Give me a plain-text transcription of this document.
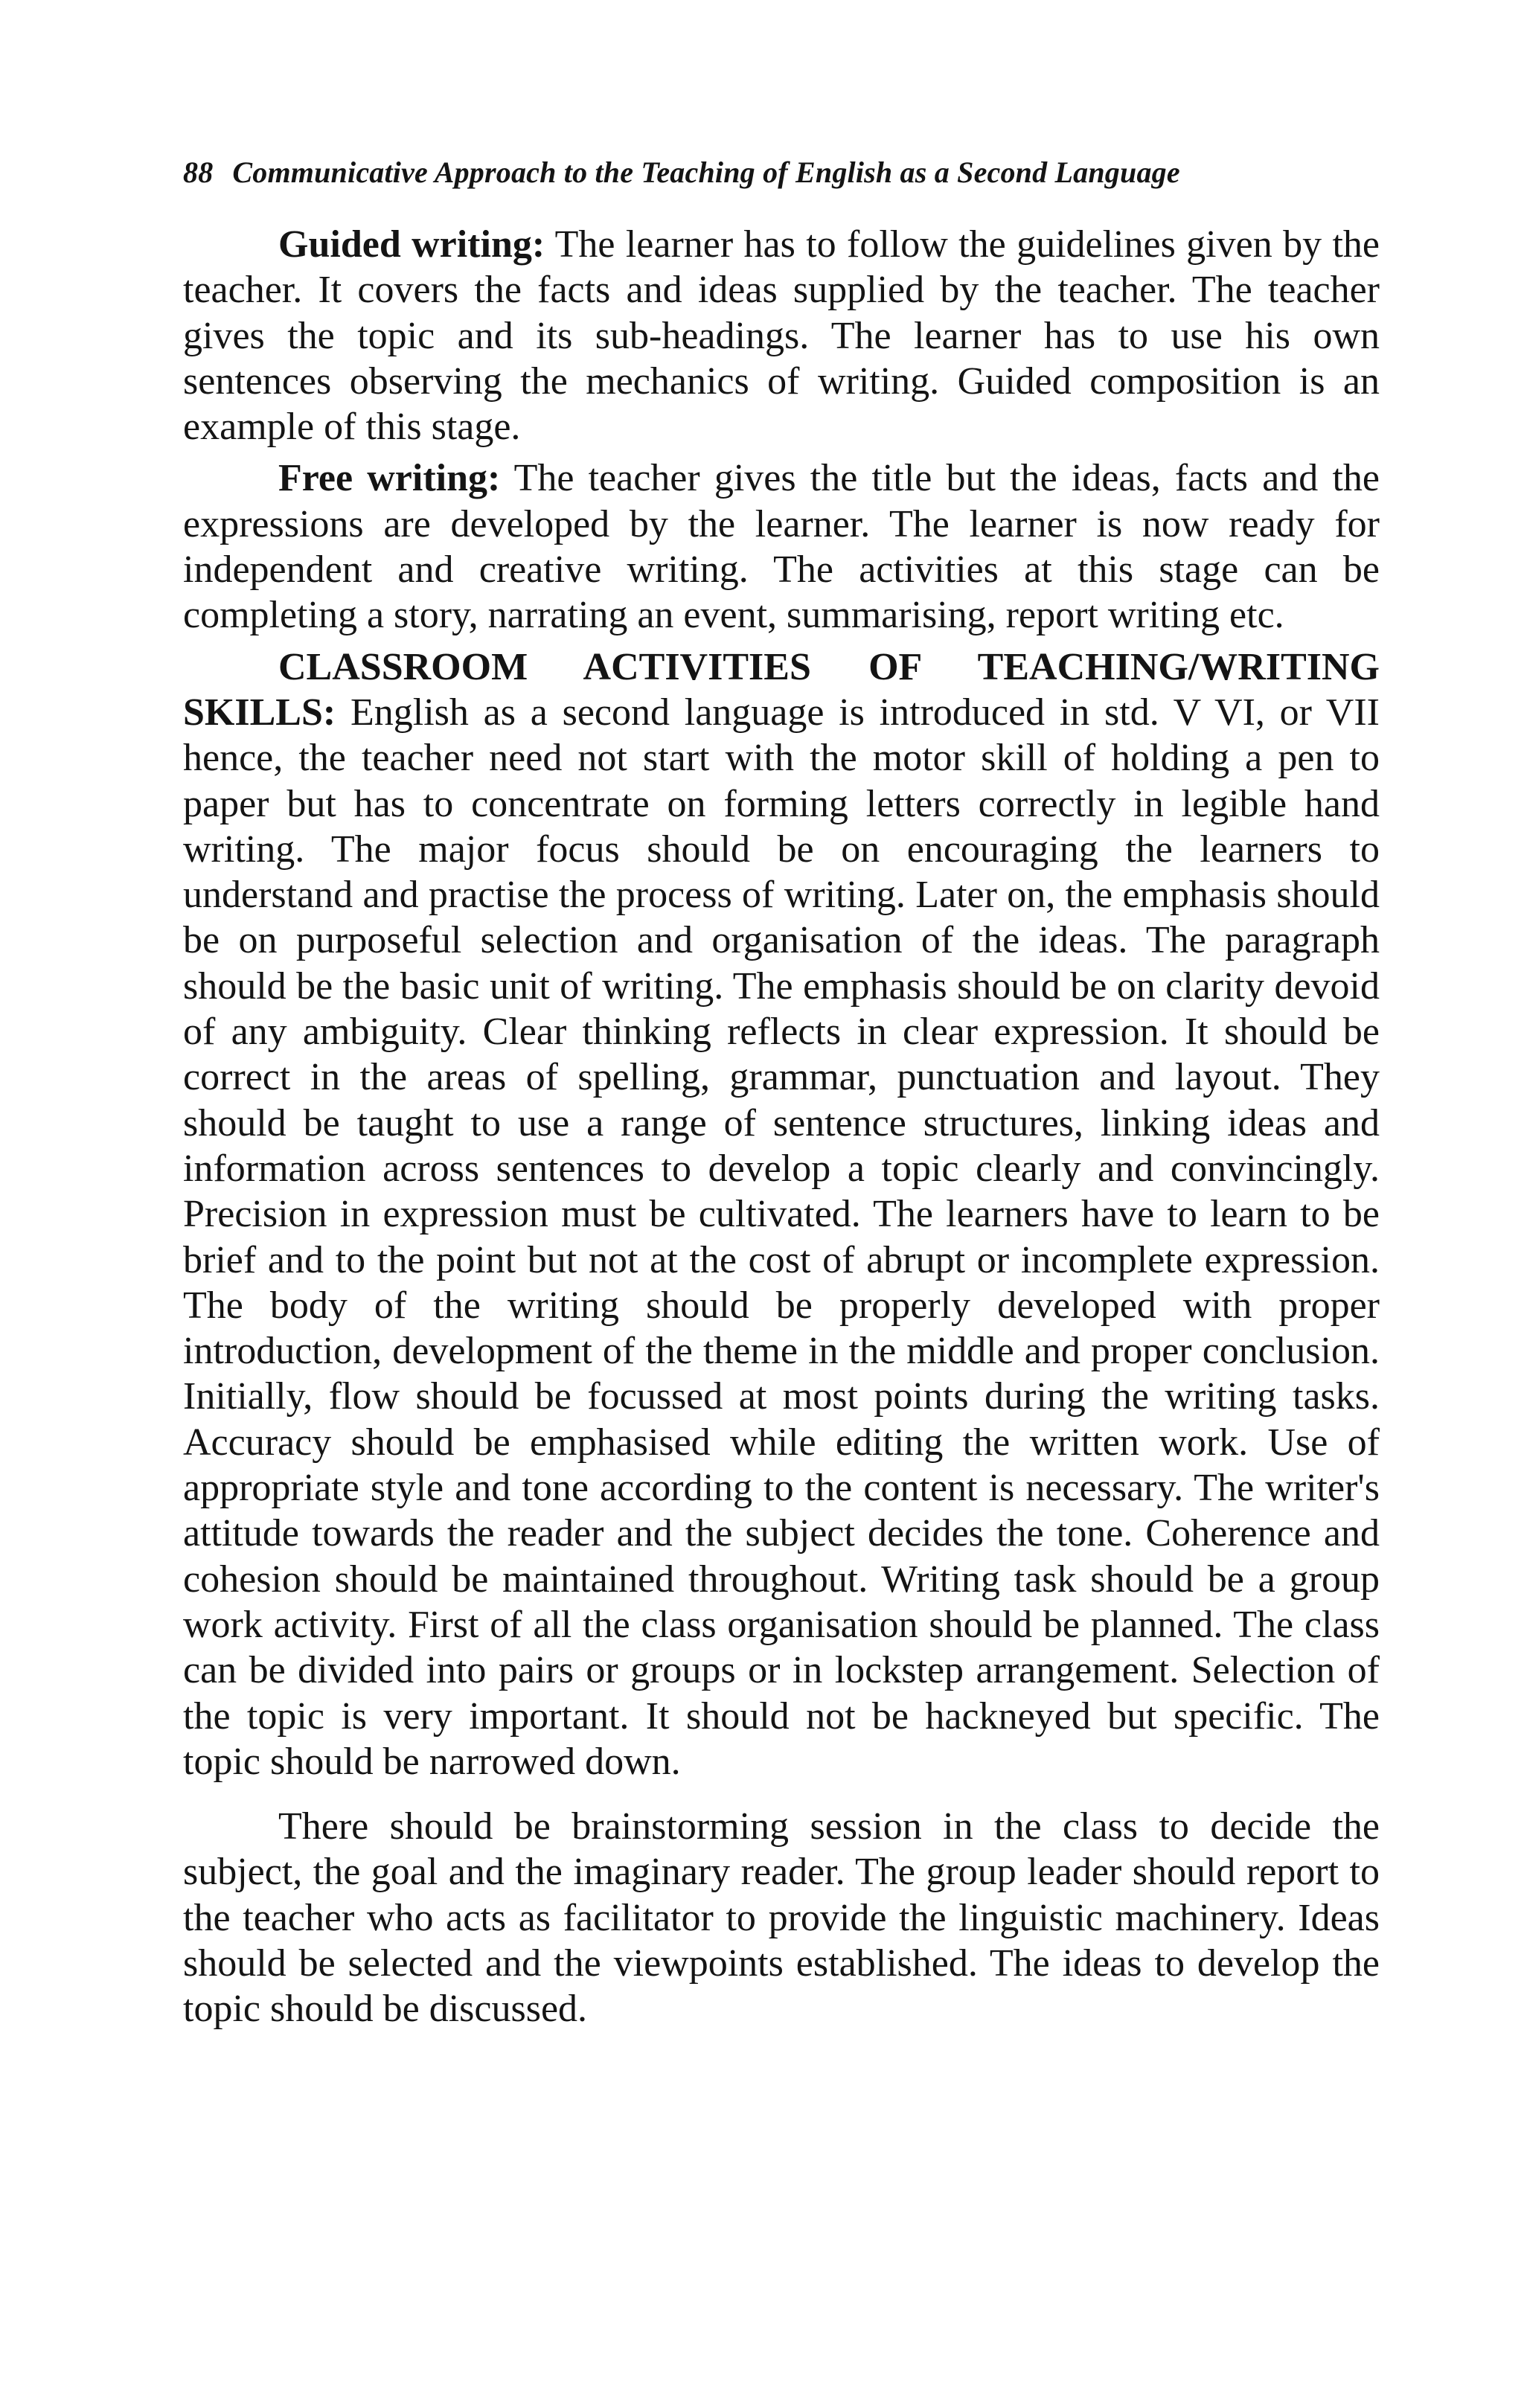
88 Communicative Approach to the Teaching of English as a Second Language

Guided writing: The learner has to follow the guidelines given by the teacher. It covers the facts and ideas supplied by the teacher. The teacher gives the topic and its sub-headings. The learner has to use his own sentences observing the mechanics of writing. Guided composition is an example of this stage.

Free writing: The teacher gives the title but the ideas, facts and the expressions are developed by the learner. The learner is now ready for independent and creative writing. The activities at this stage can be completing a story, narrating an event, summarising, report writing etc.

CLASSROOM ACTIVITIES OF TEACHING/WRITING SKILLS: English as a second language is introduced in std. V VI, or VII hence, the teacher need not start with the motor skill of holding a pen to paper but has to concentrate on forming letters correctly in legible hand writing. The major focus should be on encouraging the learners to understand and practise the process of writing. Later on, the emphasis should be on purposeful selection and organisation of the ideas. The paragraph should be the basic unit of writing. The emphasis should be on clarity devoid of any ambiguity. Clear thinking reflects in clear expression. It should be correct in the areas of spelling, grammar, punctuation and layout. They should be taught to use a range of sentence structures, linking ideas and information across sentences to develop a topic clearly and convincingly. Precision in expression must be cultivated. The learners have to learn to be brief and to the point but not at the cost of abrupt or incomplete expression. The body of the writing should be properly developed with proper introduction, development of the theme in the middle and proper conclusion. Initially, flow should be focussed at most points during the writing tasks. Accuracy should be emphasised while editing the written work. Use of appropriate style and tone according to the content is necessary. The writer's attitude towards the reader and the subject decides the tone. Coherence and cohesion should be maintained throughout. Writing task should be a group work activity. First of all the class organisation should be planned. The class can be divided into pairs or groups or in lockstep arrangement. Selection of the topic is very important. It should not be hackneyed but specific. The topic should be narrowed down.

There should be brainstorming session in the class to decide the subject, the goal and the imaginary reader. The group leader should report to the teacher who acts as facilitator to provide the linguistic machinery. Ideas should be selected and the viewpoints established. The ideas to develop the topic should be discussed.
